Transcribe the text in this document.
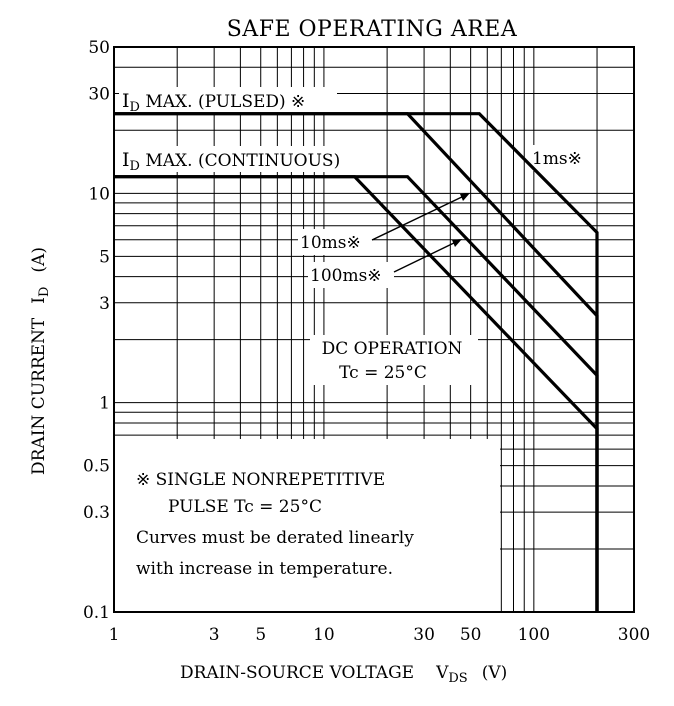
SAFE OPERATING AREA
$I_D$ MAX. (PULSED) ※
$I_D$ MAX. (CONTINUOUS)	1ms※
10ms※
100ms※
DC OPERATION
Tc = 25°C
※ SINGLE NONREPETITIVE
PULSE Tc = 25°C
Curves must be derated linearly
with increase in temperature.
1	3 5	10	30 50 100	300
0.1
0.3
0.5
1
3
5
10
30
50
DRAIN-SOURCE VOLTAGE $V_{DS}$ (V)
DRAIN $CURRENTI_D(A)$
